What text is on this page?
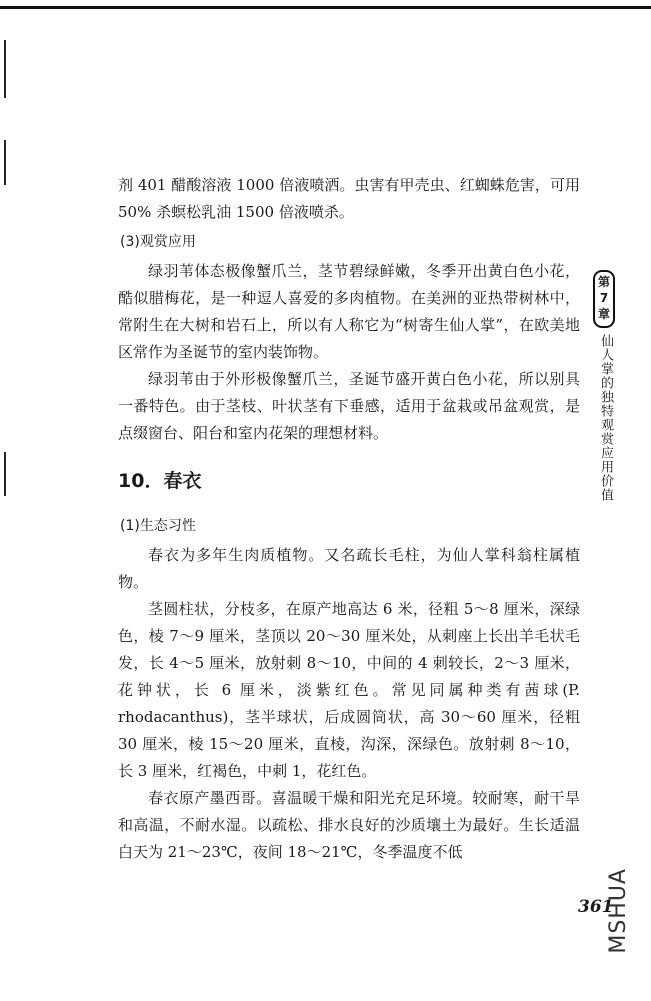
剂 401 醋酸溶液 1000 倍液喷洒。虫害有甲壳虫、红蜘蛛危害，可用 50% 杀螟松乳油 1500 倍液喷杀。

(3)观赏应用

绿羽苇体态极像蟹爪兰，茎节碧绿鲜嫩，冬季开出黄白色小花，酷似腊梅花，是一种逗人喜爱的多肉植物。在美洲的亚热带树林中，常附生在大树和岩石上，所以有人称它为“树寄生仙人掌”，在欧美地区常作为圣诞节的室内装饰物。

绿羽苇由于外形极像蟹爪兰，圣诞节盛开黄白色小花，所以别具一番特色。由于茎枝、叶状茎有下垂感，适用于盆栽或吊盆观赏，是点缀窗台、阳台和室内花架的理想材料。

10．春衣
(1)生态习性

春衣为多年生肉质植物。又名疏长毛柱，为仙人掌科翁柱属植物。

茎圆柱状，分枝多，在原产地高达 6 米，径粗 5～8 厘米，深绿色，棱 7～9 厘米，茎顶以 20～30 厘米处，从刺座上长出羊毛状毛发，长 4～5 厘米，放射刺 8～10，中间的 4 刺较长，2～3 厘米，花钟状，长 6 厘米，淡紫红色。常见同属种类有茜球(P. rhodacanthus)，茎半球状，后成圆筒状，高 30～60 厘米，径粗 30 厘米，棱 15～20 厘米，直棱，沟深，深绿色。放射刺 8～10，长 3 厘米，红褐色，中刺 1，花红色。

春衣原产墨西哥。喜温暖干燥和阳光充足环境。较耐寒，耐干旱和高温，不耐水湿。以疏松、排水良好的沙质壤土为最好。生长适温白天为 21～23℃，夜间 18～21℃，冬季温度不低

第
7
章
仙人掌的独特观赏应用价值
361
MSHUA
